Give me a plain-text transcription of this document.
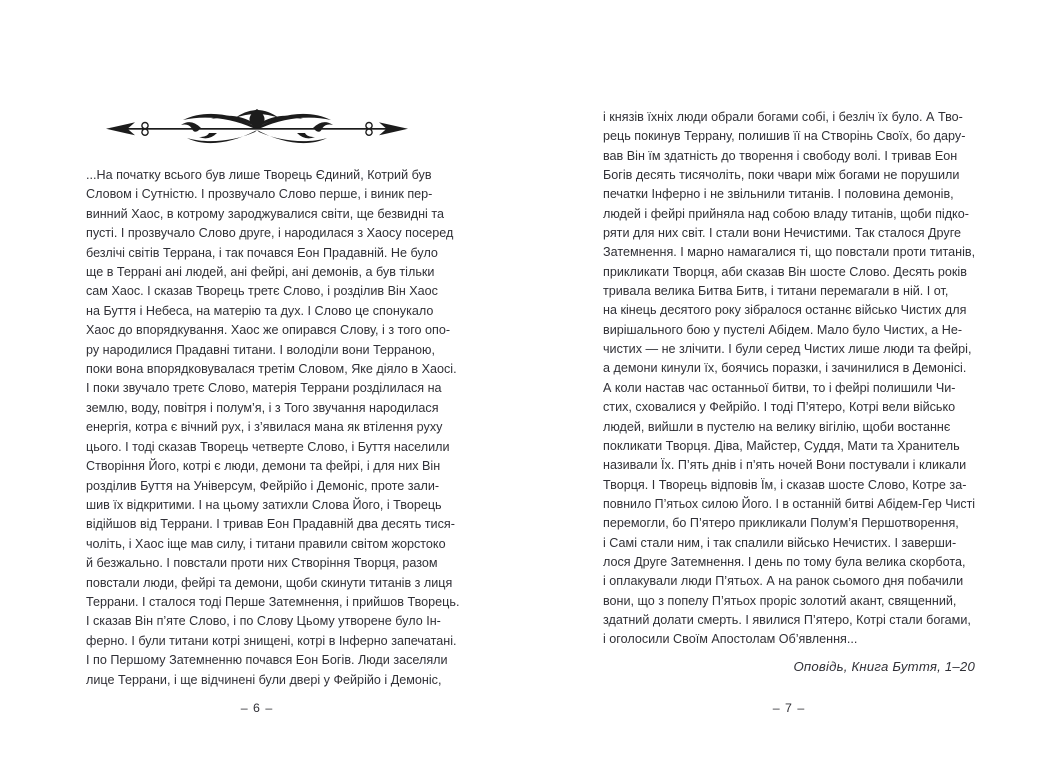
...На початку всього був лише Творець Єдиний, Котрий був
Словом і Сутністю. І прозвучало Слово перше, і виник пер-
винний Хаос, в котрому зароджувалися світи, ще безвидні та
пусті. І прозвучало Слово друге, і народилася з Хаосу посеред
безлічі світів Террана, і так почався Еон Прадавній. Не було
ще в Террані ані людей, ані фейрі, ані демонів, а був тільки
сам Хаос. І сказав Творець третє Слово, і розділив Він Хаос
на Буття і Небеса, на матерію та дух. І Слово це спонукало
Хаос до впорядкування. Хаос же опирався Слову, і з того опо-
ру народилися Прадавні титани. І володіли вони Терраною,
поки вона впорядковувалася третім Словом, Яке діяло в Хаосі.
І поки звучало третє Слово, матерія Террани розділилася на
землю, воду, повітря і полум’я, і з Того звучання народилася
енергія, котра є вічний рух, і з’явилася мана як втілення руху
цього. І тоді сказав Творець четверте Слово, і Буття населили
Створіння Його, котрі є люди, демони та фейрі, і для них Він
розділив Буття на Універсум, Фейрійо і Демоніс, проте зали-
шив їх відкритими. І на цьому затихли Слова Його, і Творець
відійшов від Террани. І тривав Еон Прадавній два десять тися-
чоліть, і Хаос іще мав силу, і титани правили світом жорстоко
й безжально. І повстали проти них Створіння Творця, разом
повстали люди, фейрі та демони, щоби скинути титанів з лиця
Террани. І сталося тоді Перше Затемнення, і прийшов Творець.
І сказав Він п’яте Слово, і по Слову Цьому утворене було Ін-
ферно. І були титани котрі знищені, котрі в Інферно запечатані.
І по Першому Затемненню почався Еон Богів. Люди заселяли
лице Террани, і ще відчинені були двері у Фейрійо і Демоніс,
– 6 –
і князів їхніх люди обрали богами собі, і безліч їх було. А Тво-
рець покинув Террану, полишив її на Створінь Своїх, бо дару-
вав Він їм здатність до творення і свободу волі. І тривав Еон
Богів десять тисячоліть, поки чвари між богами не порушили
печатки Інферно і не звільнили титанів. І половина демонів,
людей і фейрі прийняла над собою владу титанів, щоби підко-
ряти для них світ. І стали вони Нечистими. Так сталося Друге
Затемнення. І марно намагалися ті, що повстали проти титанів,
прикликати Творця, аби сказав Він шосте Слово. Десять років
тривала велика Битва Битв, і титани перемагали в ній. І от,
на кінець десятого року зібралося останнє військо Чистих для
вирішального бою у пустелі Абідем. Мало було Чистих, а Не-
чистих — не злічити. І були серед Чистих лише люди та фейрі,
а демони кинули їх, боячись поразки, і зачинилися в Демонісі.
А коли настав час останньої битви, то і фейрі полишили Чи-
стих, сховалися у Фейрійо. І тоді П’ятеро, Котрі вели військо
людей, вийшли в пустелю на велику вігілію, щоби востаннє
покликати Творця. Діва, Майстер, Суддя, Мати та Хранитель
називали Їх. П’ять днів і п’ять ночей Вони постували і кликали
Творця. І Творець відповів Їм, і сказав шосте Слово, Котре за-
повнило П’ятьох силою Його. І в останній битві Абідем-Гер Чисті
перемогли, бо П’ятеро прикликали Полум’я Першотворення,
і Самі стали ним, і так спалили військо Нечистих. І заверши-
лося Друге Затемнення. І день по тому була велика скорбота,
і оплакували люди П’ятьох. А на ранок сьомого дня побачили
вони, що з попелу П’ятьох проріс золотий акант, священний,
здатний долати смерть. І явилися П’ятеро, Котрі стали богами,
і оголосили Своїм Апостолам Об’явлення...
Оповідь, Книга Буття, 1–20
– 7 –
